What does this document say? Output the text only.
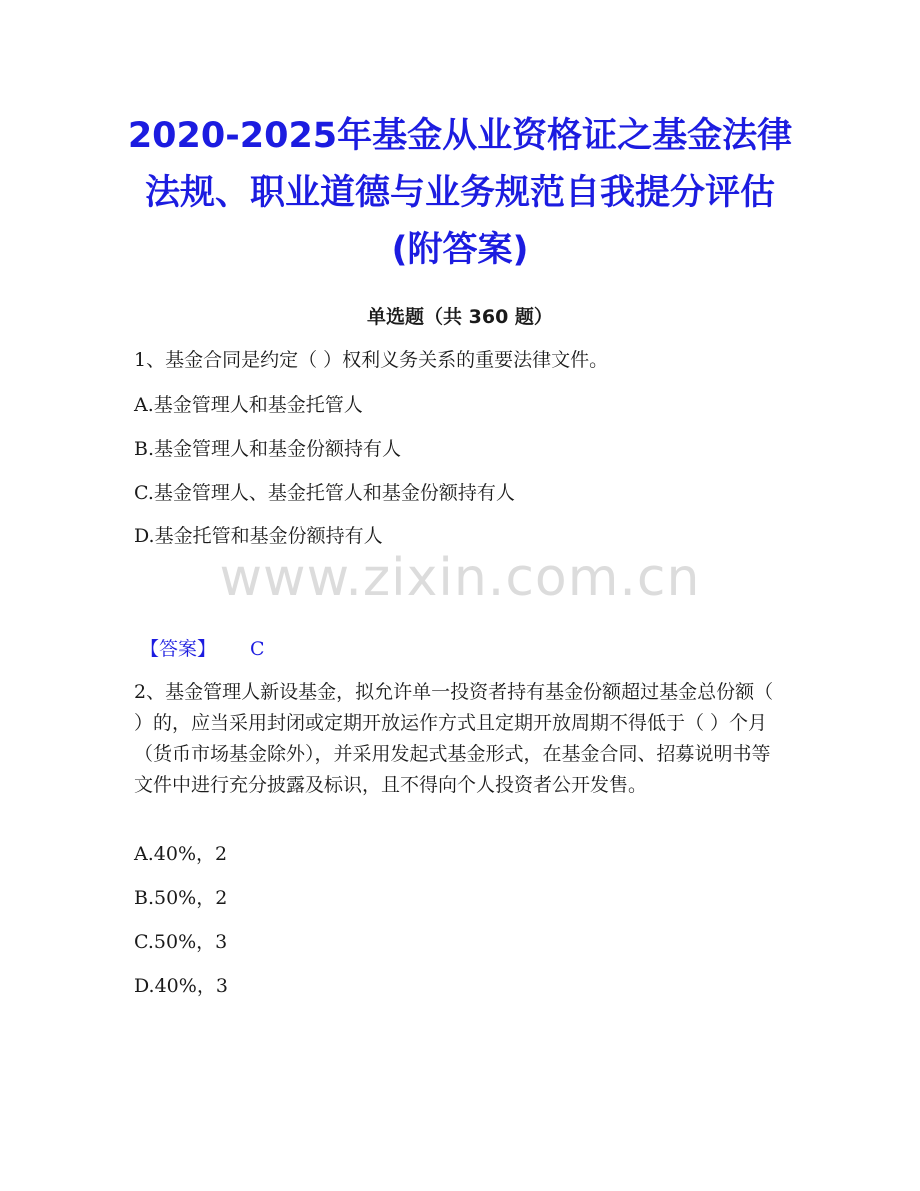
2020-2025年基金从业资格证之基金法律法规、职业道德与业务规范自我提分评估(附答案)
单选题（共 360 题）

1、基金合同是约定（ ）权利义务关系的重要法律文件。

A.基金管理人和基金托管人

B.基金管理人和基金份额持有人

C.基金管理人、基金托管人和基金份额持有人

D.基金托管和基金份额持有人

www.zixin.com.cn
【答案】 C

2、基金管理人新设基金，拟允许单一投资者持有基金份额超过基金总份额（ ）的，应当采用封闭或定期开放运作方式且定期开放周期不得低于（ ）个月（货币市场基金除外），并采用发起式基金形式，在基金合同、招募说明书等文件中进行充分披露及标识，且不得向个人投资者公开发售。

A.40%，2

B.50%，2

C.50%，3

D.40%，3
